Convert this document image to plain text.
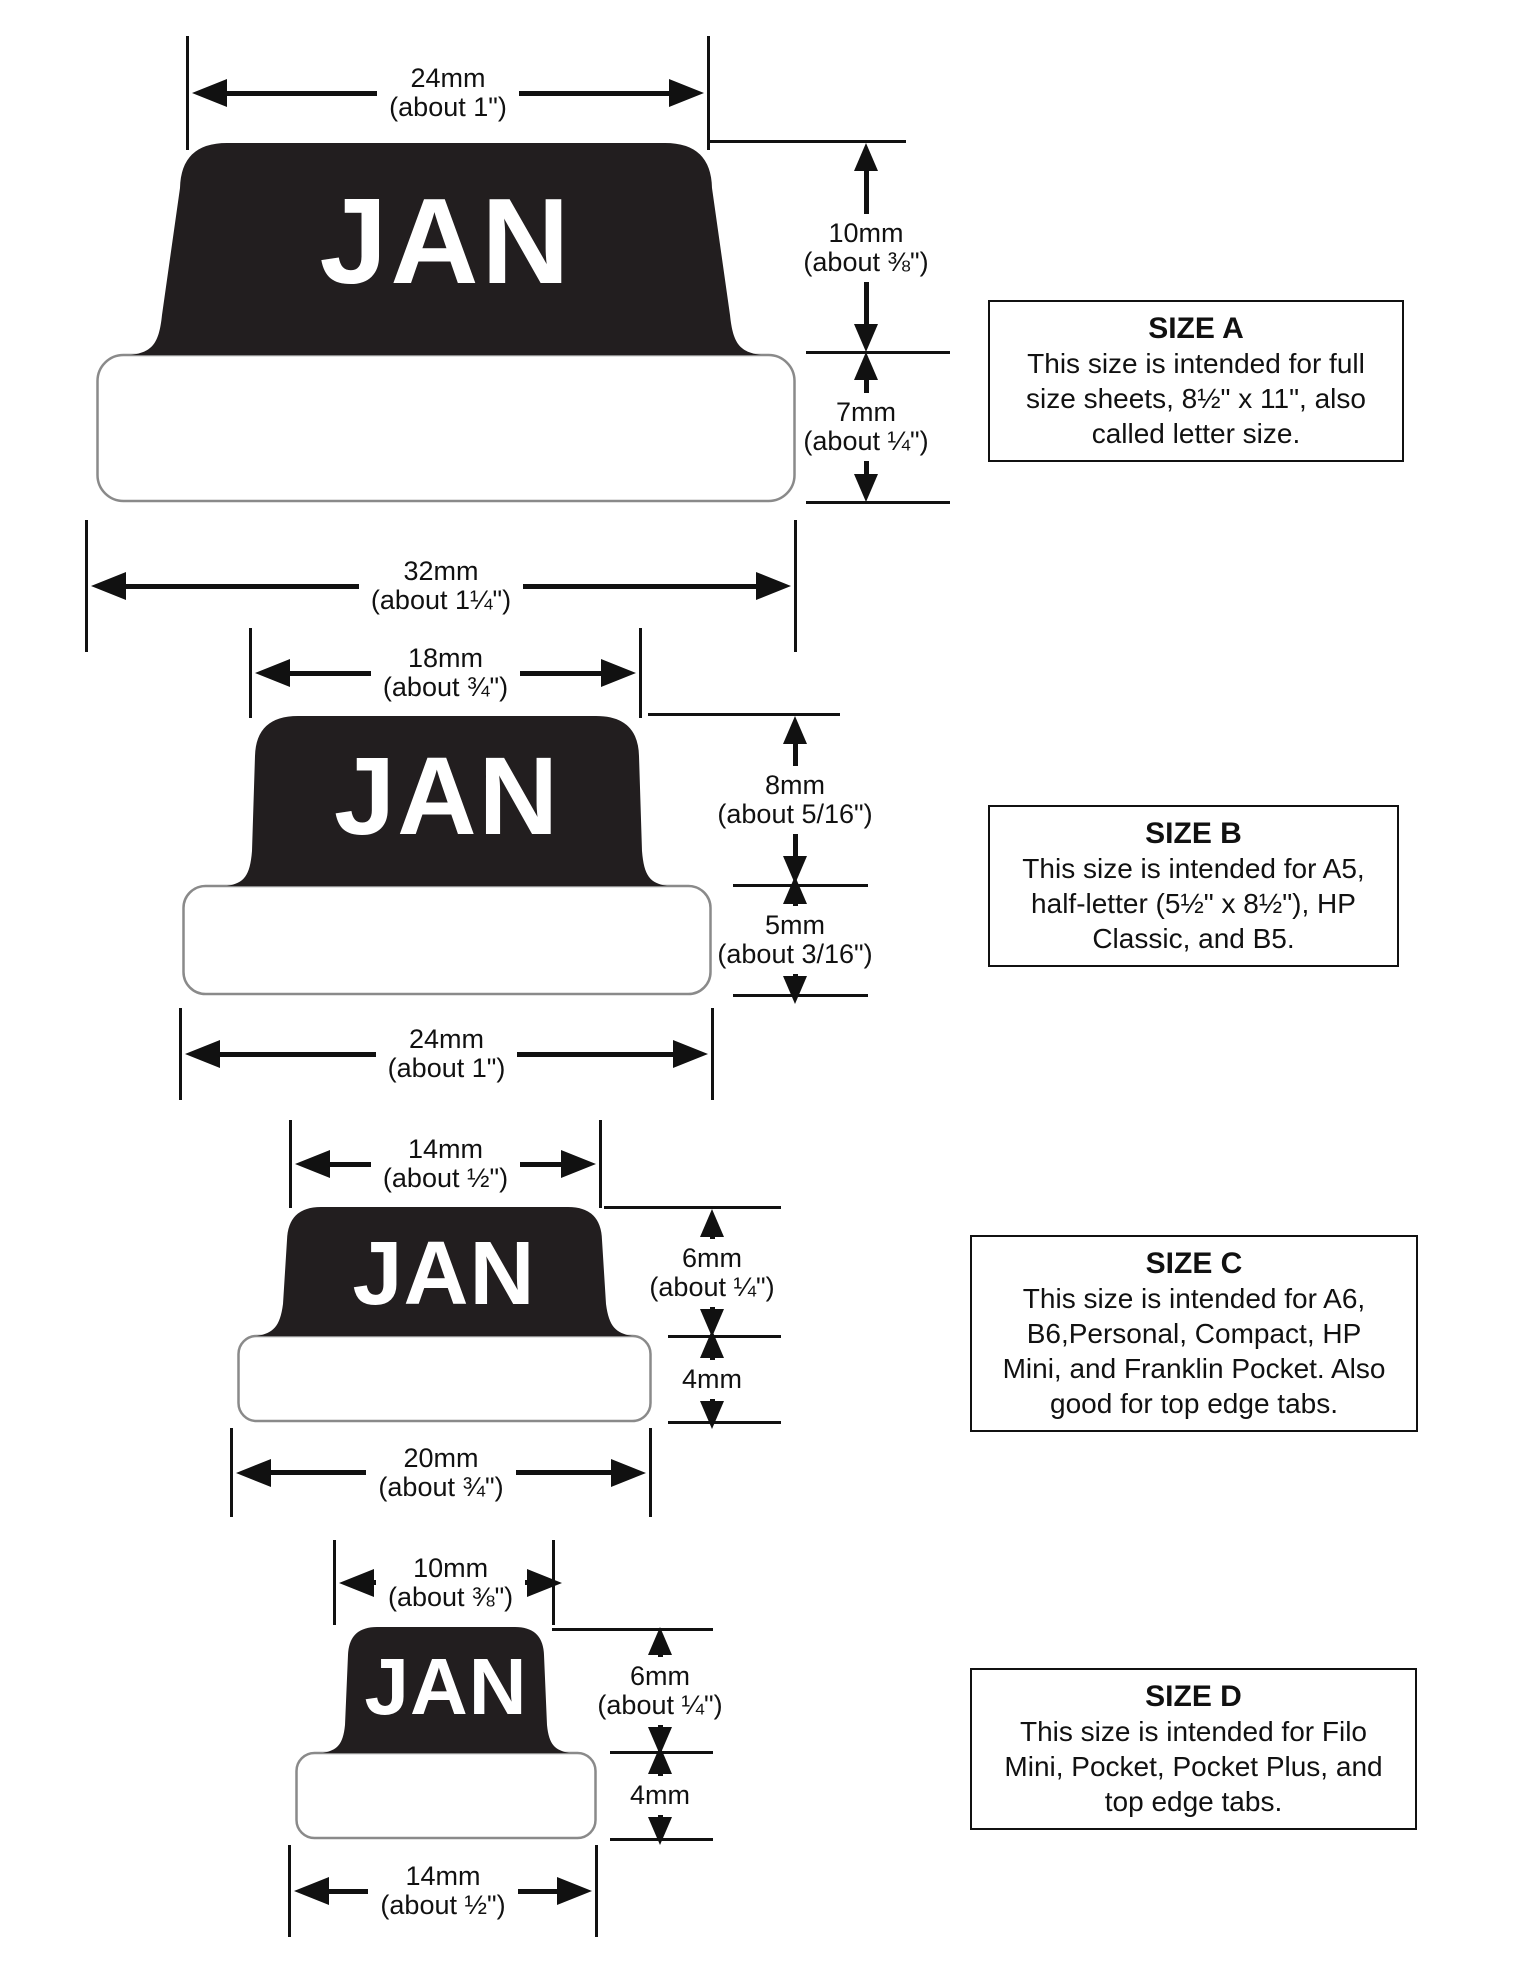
24mm
(about 1")
JAN	10mm
(about ⅜")
7mm
(about ¼")
32mm
(about 1¼")
SIZE A
This size is intended for full
size sheets, 8½" x 11", also
called letter size.
18mm
(about ¾")
JAN	8mm
(about 5/16")
5mm
(about 3/16")
24mm
(about 1")
SIZE B
This size is intended for A5,
half-letter (5½" x 8½"), HP
Classic, and B5.
14mm
(about ½")
JAN	6mm
(about ¼")
4mm
20mm
(about ¾")
SIZE C
This size is intended for A6,
B6,Personal, Compact, HP
Mini, and Franklin Pocket. Also
good for top edge tabs.
10mm
(about ⅜")
JAN	6mm
(about ¼")
4mm
14mm
(about ½")
SIZE D
This size is intended for Filo
Mini, Pocket, Pocket Plus, and
top edge tabs.
